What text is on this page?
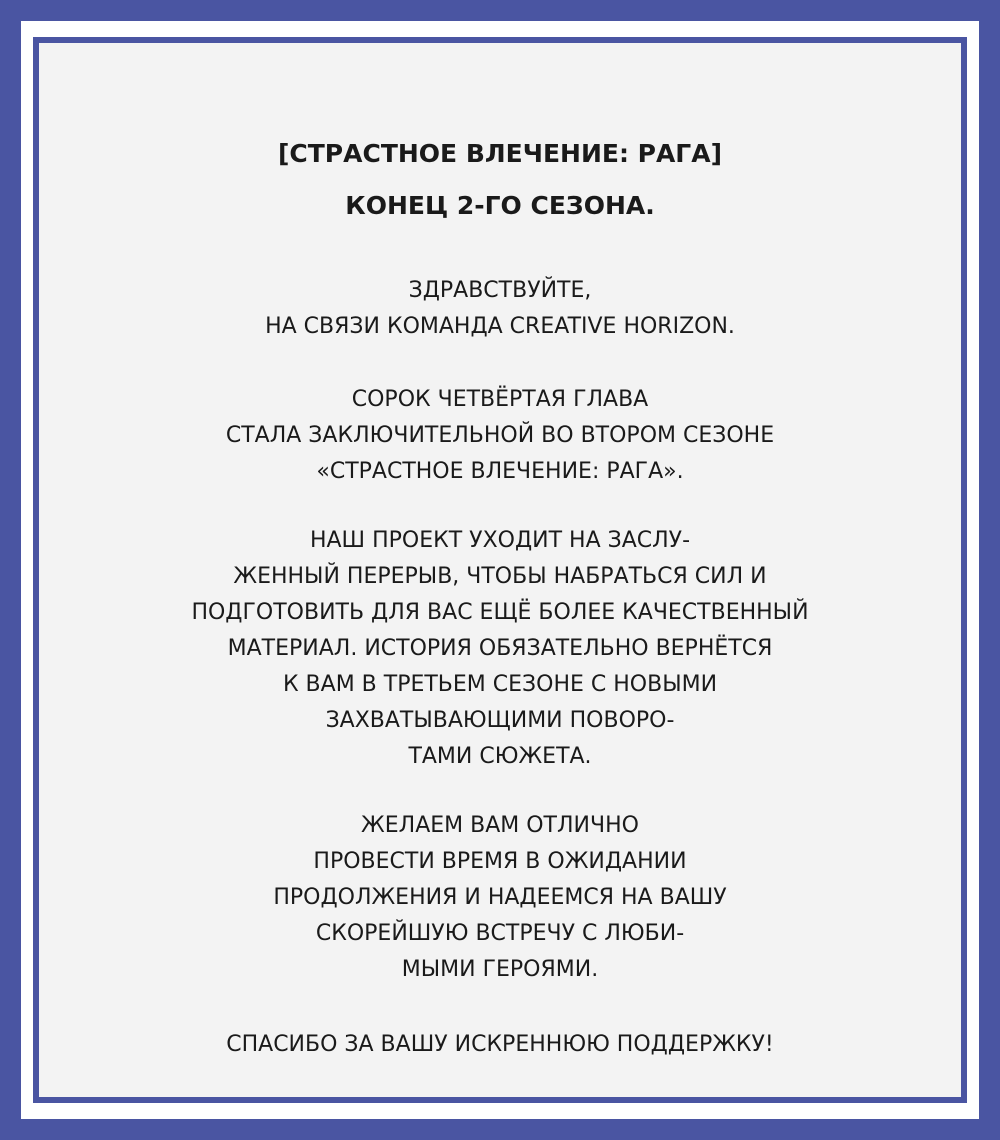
[СТРАСТНОЕ ВЛЕЧЕНИЕ: РАГА]
КОНЕЦ 2-ГО СЕЗОНА.
ЗДРАВСТВУЙТЕ,
НА СВЯЗИ КОМАНДА CREATIVE HORIZON.
СОРОК ЧЕТВЁРТАЯ ГЛАВА
СТАЛА ЗАКЛЮЧИТЕЛЬНОЙ ВО ВТОРОМ СЕЗОНЕ
«СТРАСТНОЕ ВЛЕЧЕНИЕ: РАГА».
НАШ ПРОЕКТ УХОДИТ НА ЗАСЛУ-
ЖЕННЫЙ ПЕРЕРЫВ, ЧТОБЫ НАБРАТЬСЯ СИЛ И
ПОДГОТОВИТЬ ДЛЯ ВАС ЕЩЁ БОЛЕЕ КАЧЕСТВЕННЫЙ
МАТЕРИАЛ. ИСТОРИЯ ОБЯЗАТЕЛЬНО ВЕРНЁТСЯ
К ВАМ В ТРЕТЬЕМ СЕЗОНЕ С НОВЫМИ
ЗАХВАТЫВАЮЩИМИ ПОВОРО-
ТАМИ СЮЖЕТА.
ЖЕЛАЕМ ВАМ ОТЛИЧНО
ПРОВЕСТИ ВРЕМЯ В ОЖИДАНИИ
ПРОДОЛЖЕНИЯ И НАДЕЕМСЯ НА ВАШУ
СКОРЕЙШУЮ ВСТРЕЧУ С ЛЮБИ-
МЫМИ ГЕРОЯМИ.
СПАСИБО ЗА ВАШУ ИСКРЕННЮЮ ПОДДЕРЖКУ!
